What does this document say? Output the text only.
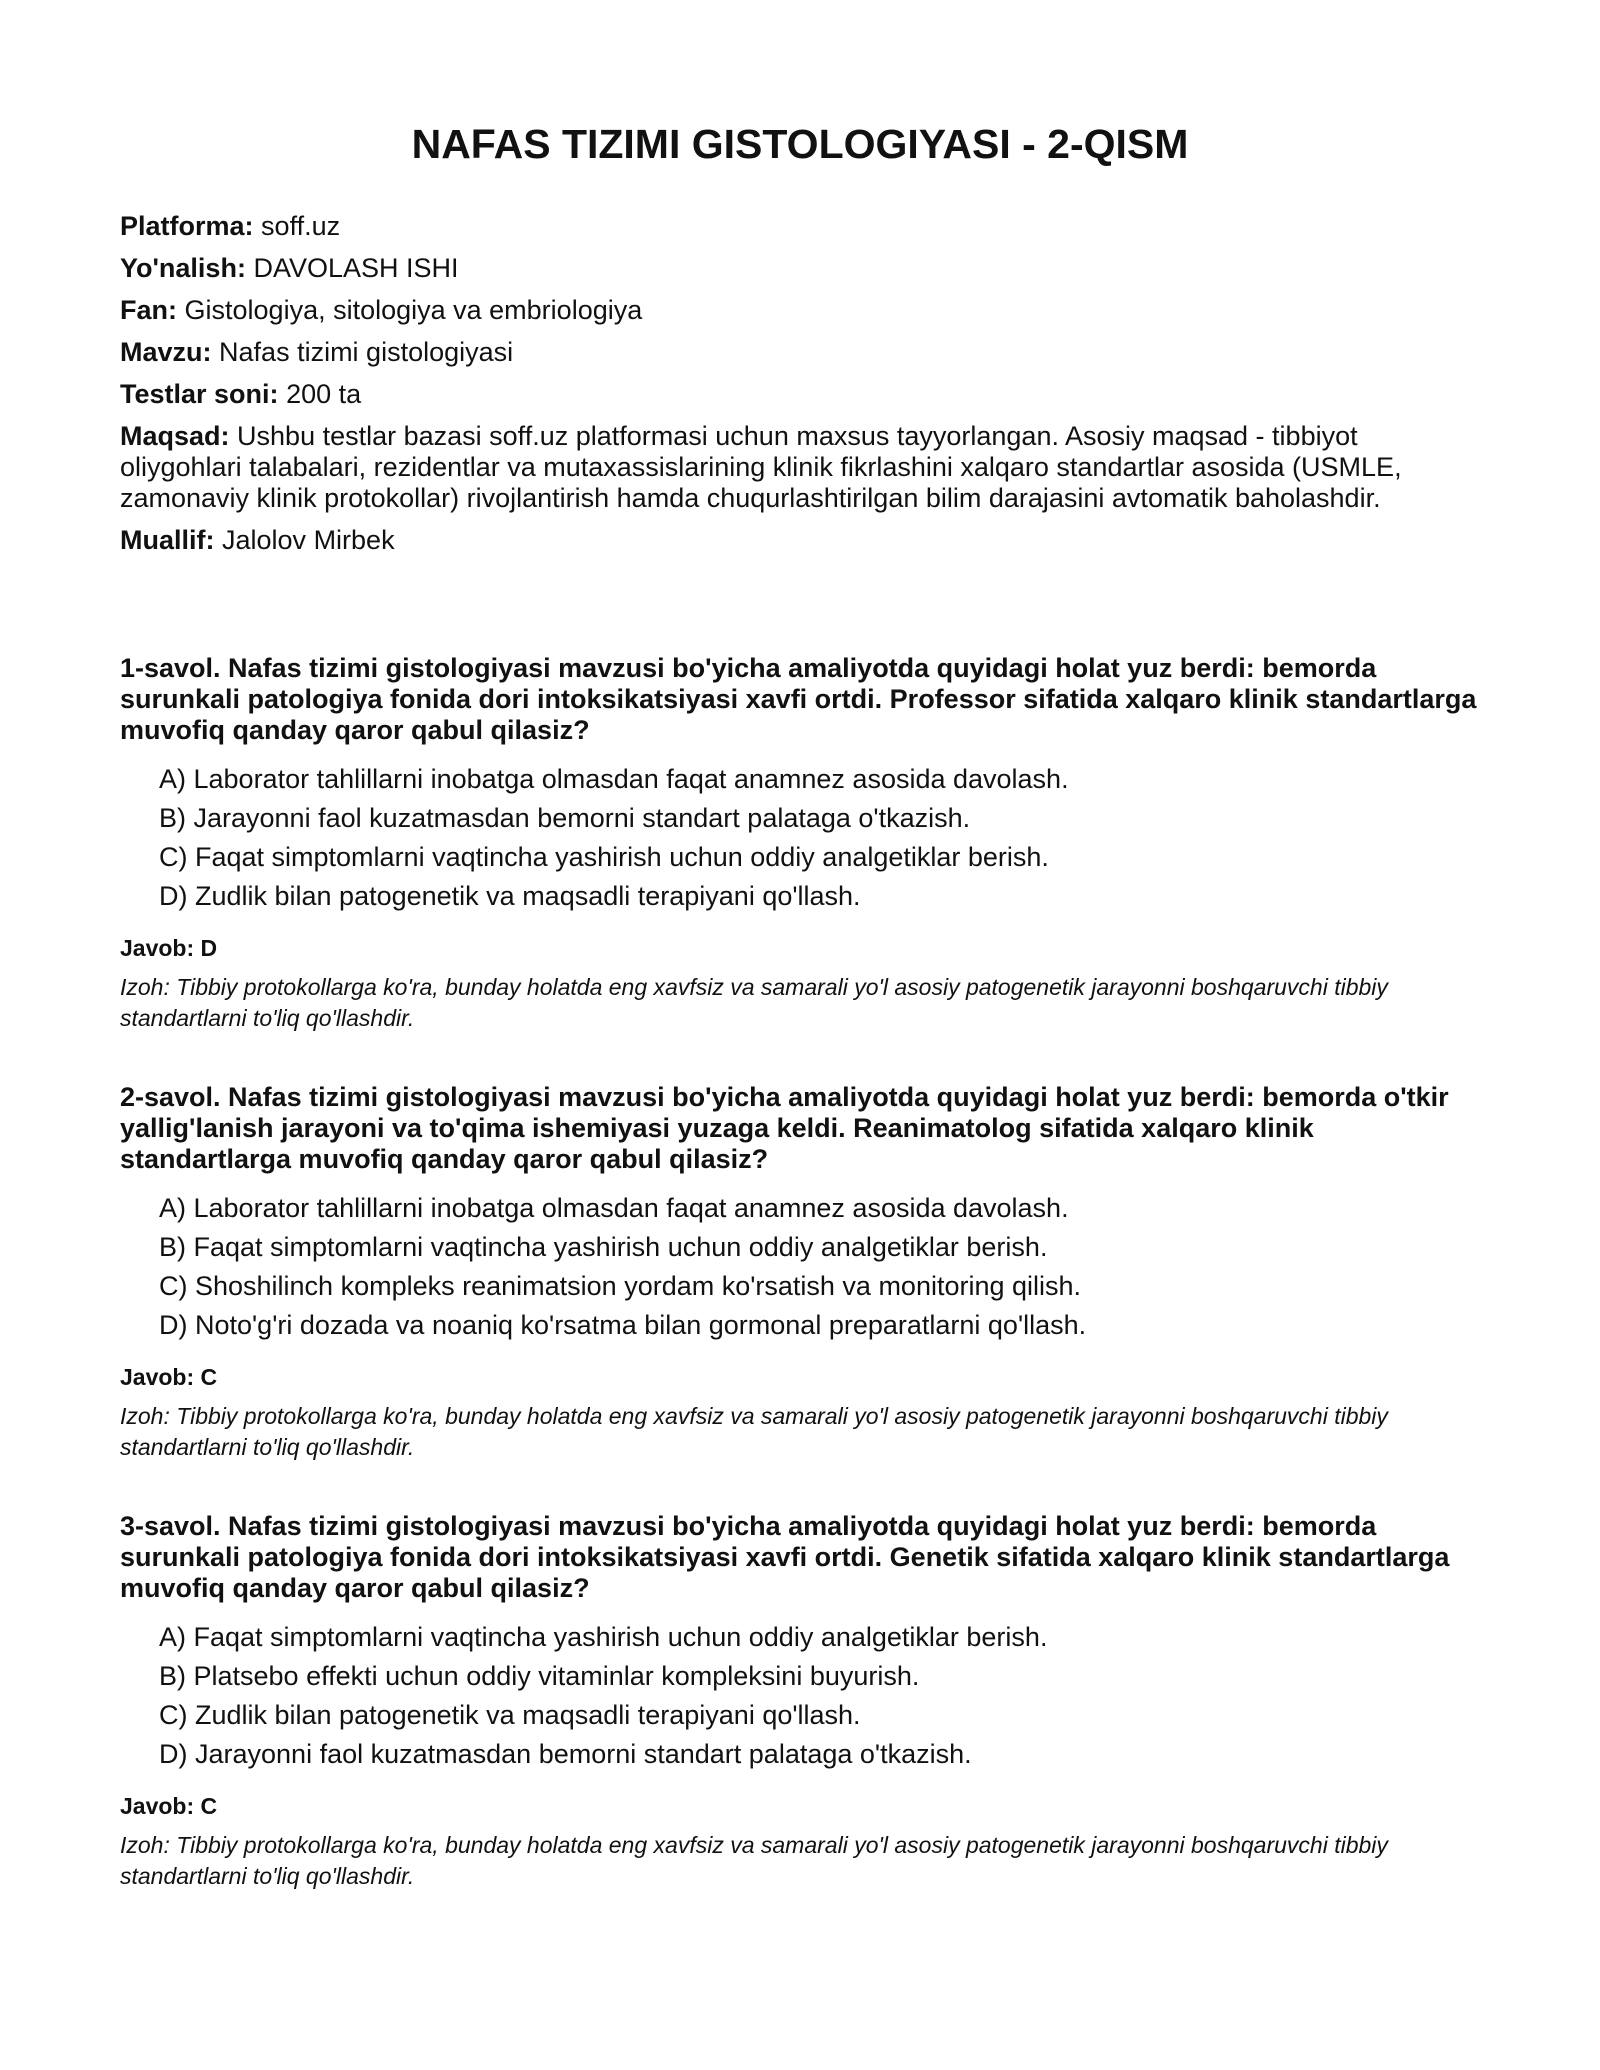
NAFAS TIZIMI GISTOLOGIYASI - 2-QISM
Platforma: soff.uz
Yo'nalish: DAVOLASH ISHI
Fan: Gistologiya, sitologiya va embriologiya
Mavzu: Nafas tizimi gistologiyasi
Testlar soni: 200 ta
Maqsad: Ushbu testlar bazasi soff.uz platformasi uchun maxsus tayyorlangan. Asosiy maqsad - tibbiyot oliygohlari talabalari, rezidentlar va mutaxassislarining klinik fikrlashini xalqaro standartlar asosida (USMLE, zamonaviy klinik protokollar) rivojlantirish hamda chuqurlashtirilgan bilim darajasini avtomatik baholashdir.
Muallif: Jalolov Mirbek
1-savol. Nafas tizimi gistologiyasi mavzusi bo'yicha amaliyotda quyidagi holat yuz berdi: bemorda surunkali patologiya fonida dori intoksikatsiyasi xavfi ortdi. Professor sifatida xalqaro klinik standartlarga muvofiq qanday qaror qabul qilasiz?
A) Laborator tahlillarni inobatga olmasdan faqat anamnez asosida davolash.
B) Jarayonni faol kuzatmasdan bemorni standart palataga o'tkazish.
C) Faqat simptomlarni vaqtincha yashirish uchun oddiy analgetiklar berish.
D) Zudlik bilan patogenetik va maqsadli terapiyani qo'llash.
Javob: D
Izoh: Tibbiy protokollarga ko'ra, bunday holatda eng xavfsiz va samarali yo'l asosiy patogenetik jarayonni boshqaruvchi tibbiy standartlarni to'liq qo'llashdir.
2-savol. Nafas tizimi gistologiyasi mavzusi bo'yicha amaliyotda quyidagi holat yuz berdi: bemorda o'tkir yallig'lanish jarayoni va to'qima ishemiyasi yuzaga keldi. Reanimatolog sifatida xalqaro klinik standartlarga muvofiq qanday qaror qabul qilasiz?
A) Laborator tahlillarni inobatga olmasdan faqat anamnez asosida davolash.
B) Faqat simptomlarni vaqtincha yashirish uchun oddiy analgetiklar berish.
C) Shoshilinch kompleks reanimatsion yordam ko'rsatish va monitoring qilish.
D) Noto'g'ri dozada va noaniq ko'rsatma bilan gormonal preparatlarni qo'llash.
Javob: C
Izoh: Tibbiy protokollarga ko'ra, bunday holatda eng xavfsiz va samarali yo'l asosiy patogenetik jarayonni boshqaruvchi tibbiy standartlarni to'liq qo'llashdir.
3-savol. Nafas tizimi gistologiyasi mavzusi bo'yicha amaliyotda quyidagi holat yuz berdi: bemorda surunkali patologiya fonida dori intoksikatsiyasi xavfi ortdi. Genetik sifatida xalqaro klinik standartlarga muvofiq qanday qaror qabul qilasiz?
A) Faqat simptomlarni vaqtincha yashirish uchun oddiy analgetiklar berish.
B) Platsebo effekti uchun oddiy vitaminlar kompleksini buyurish.
C) Zudlik bilan patogenetik va maqsadli terapiyani qo'llash.
D) Jarayonni faol kuzatmasdan bemorni standart palataga o'tkazish.
Javob: C
Izoh: Tibbiy protokollarga ko'ra, bunday holatda eng xavfsiz va samarali yo'l asosiy patogenetik jarayonni boshqaruvchi tibbiy standartlarni to'liq qo'llashdir.
